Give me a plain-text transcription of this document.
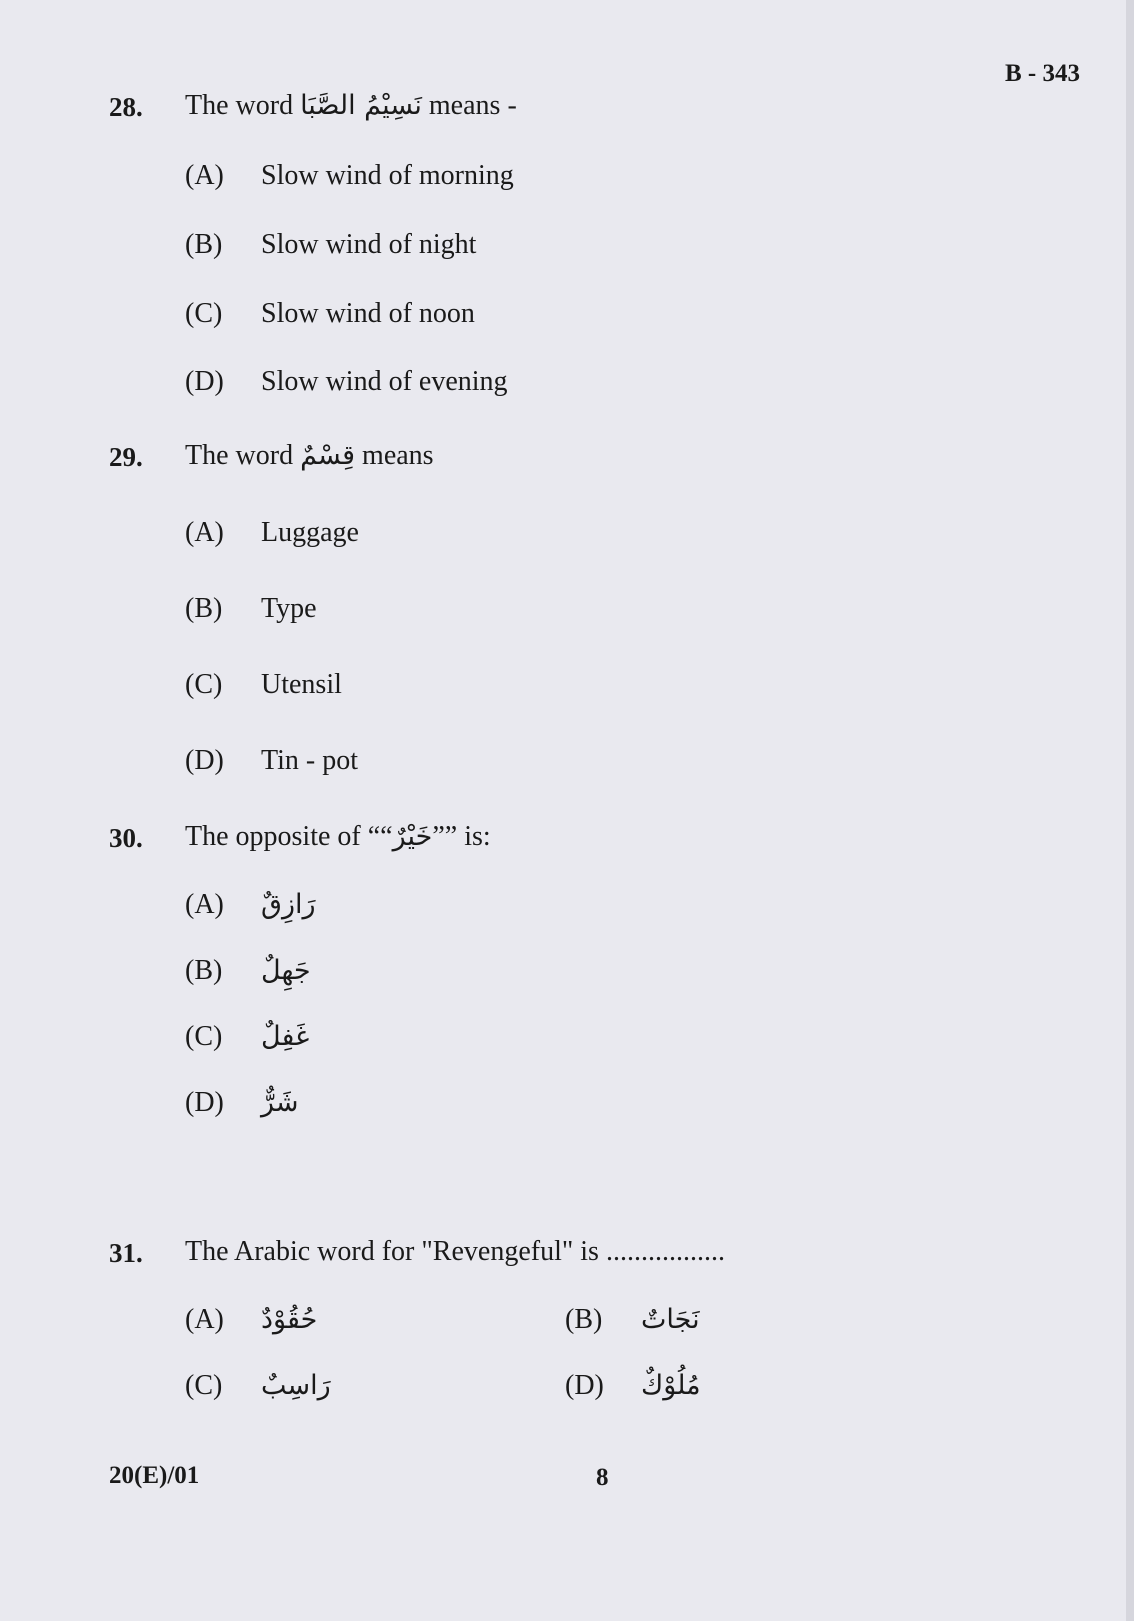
B - 343
28. The word نَسِيْمُ الصَّبَا means -
(A) Slow wind of morning
(B) Slow wind of night
(C) Slow wind of noon
(D) Slow wind of evening
29. The word قِسْمٌ means
(A) Luggage
(B) Type
(C) Utensil
(D) Tin - pot
30. The opposite of ““خَيْرٌ”” is:
(A) رَازِقٌ
(B) جَهِلٌ
(C) غَفِلٌ
(D) شَرٌّ
31. The Arabic word for "Revengeful" is .................
(A) حُقُوْدٌ	(B) نَجَاتٌ
(C) رَاسِبٌ	(D) مُلُوْكٌ
20(E)/01	8
